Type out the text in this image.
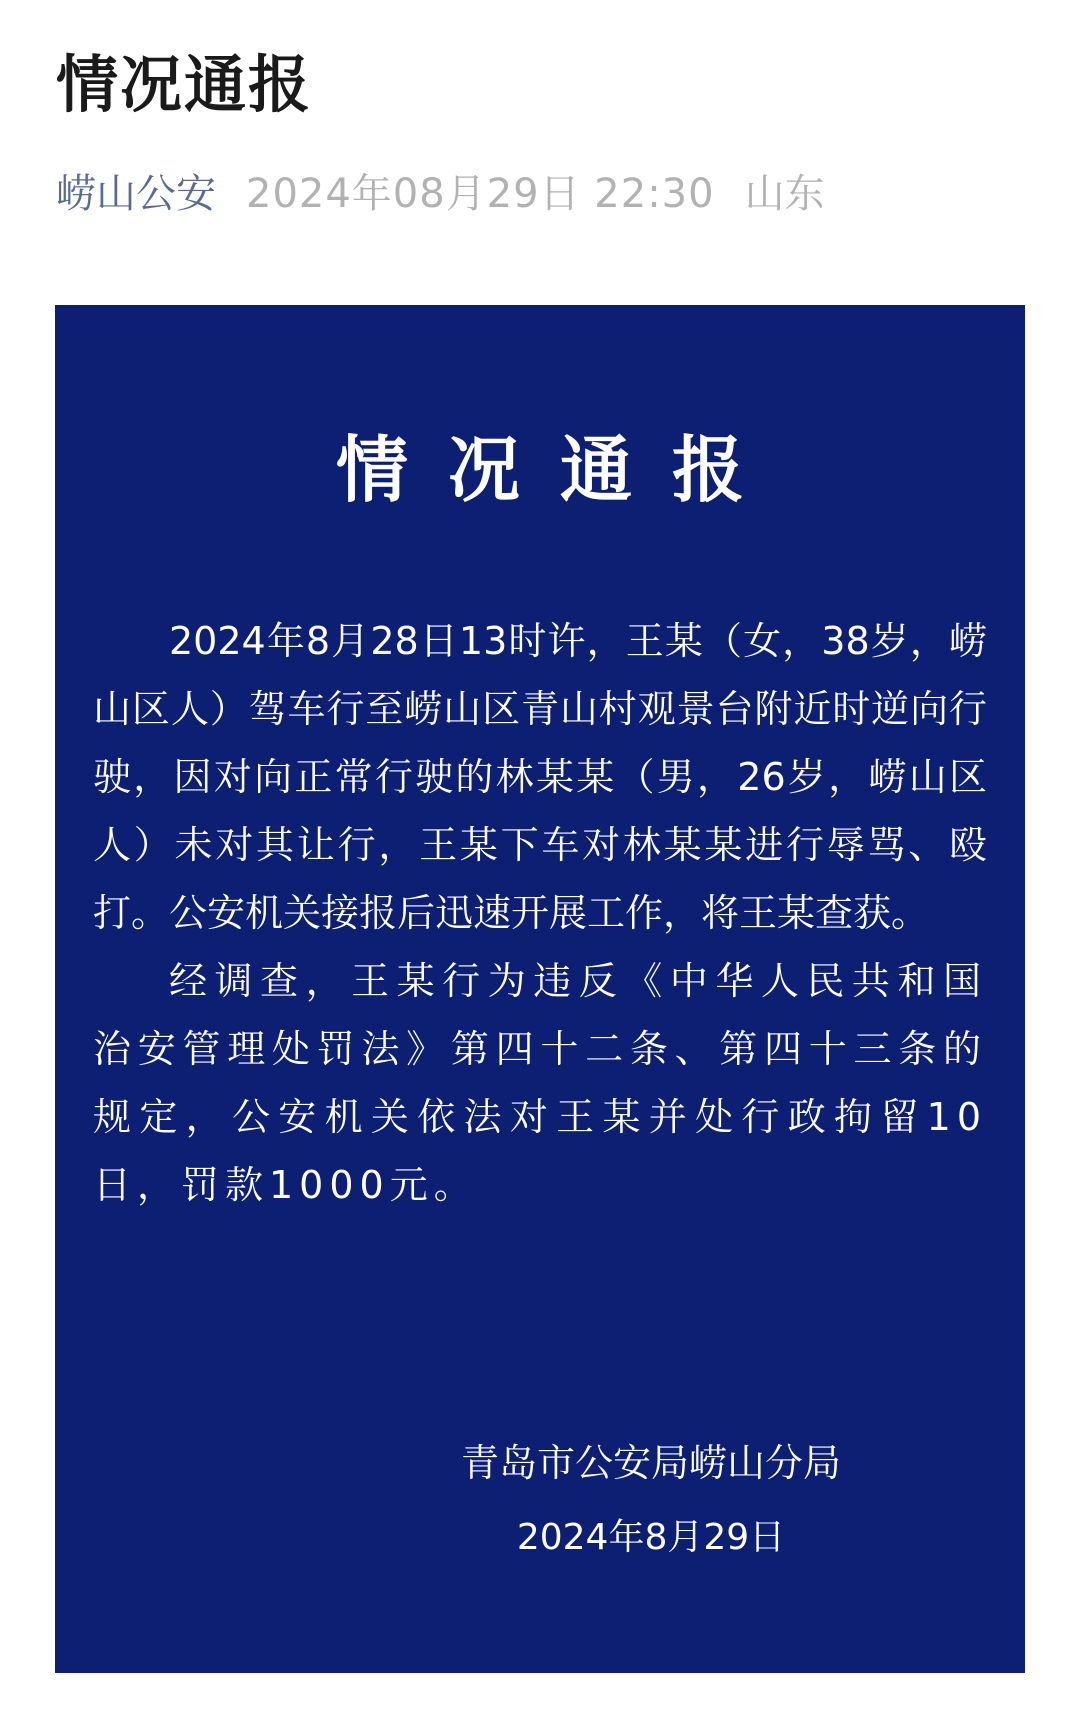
情况通报
崂山公安 2024年08月29日 22:30 山东
情况通报

2024年8月28日13时许，王某（女，38岁，崂山区人）驾车行至崂山区青山村观景台附近时逆向行驶，因对向正常行驶的林某某（男，26岁，崂山区人）未对其让行，王某下车对林某某进行辱骂、殴打。公安机关接报后迅速开展工作，将王某查获。

经调查，王某行为违反《中华人民共和国治安管理处罚法》第四十二条、第四十三条的规定，公安机关依法对王某并处行政拘留10日，罚款1000元。

青岛市公安局崂山分局
2024年8月29日
